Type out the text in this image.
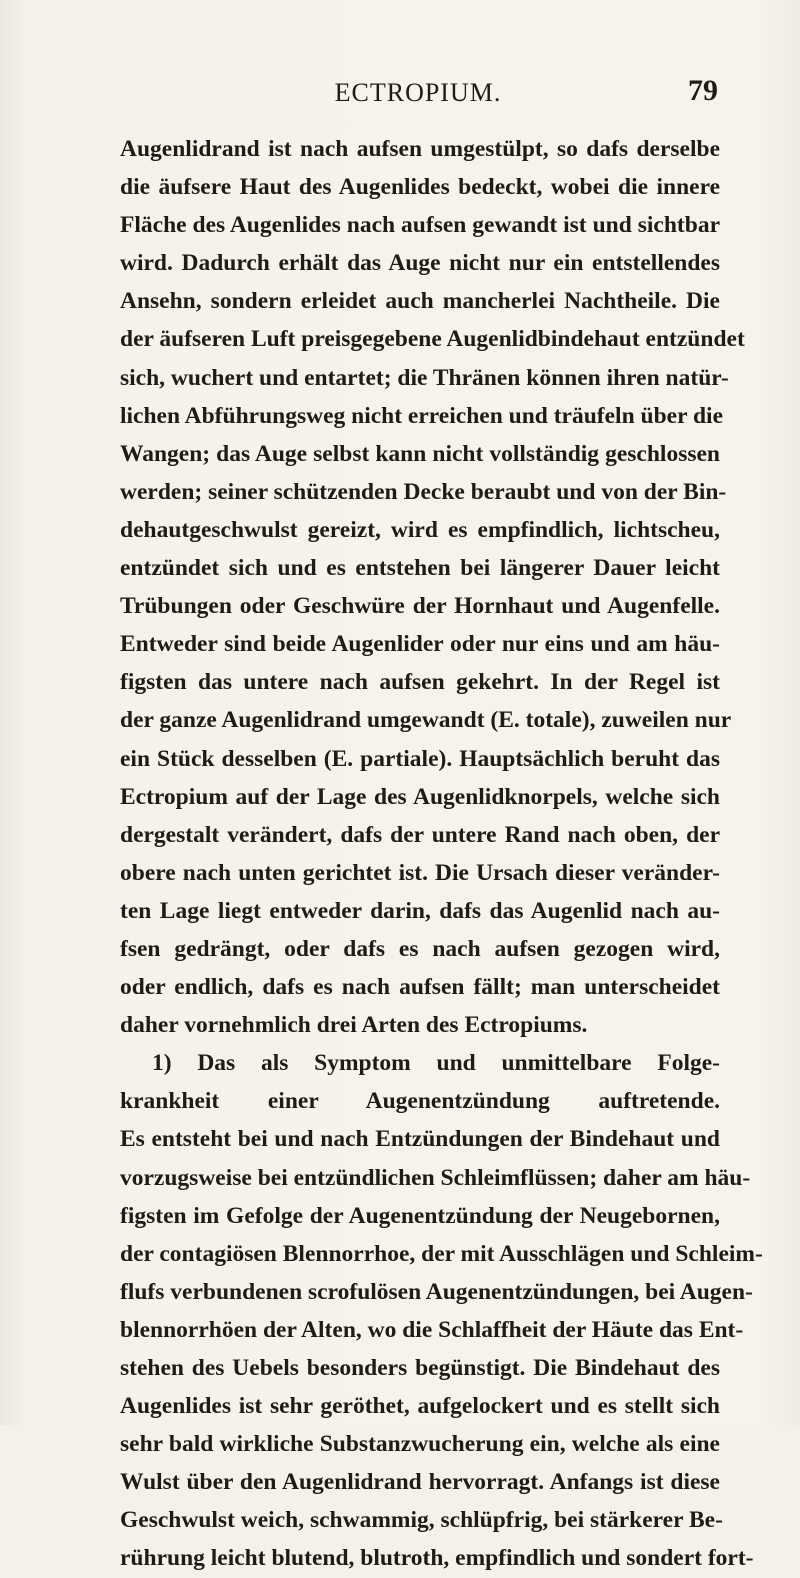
ECTROPIUM.	79
Augenlidrand ist nach aufsen umgestülpt, so dafs derselbe
die äufsere Haut des Augenlides bedeckt, wobei die innere
Fläche des Augenlides nach aufsen gewandt ist und sichtbar
wird. Dadurch erhält das Auge nicht nur ein entstellendes
Ansehn, sondern erleidet auch mancherlei Nachtheile. Die
der äufseren Luft preisgegebene Augenlidbindehaut entzündet
sich, wuchert und entartet; die Thränen können ihren natür-
lichen Abführungsweg nicht erreichen und träufeln über die
Wangen; das Auge selbst kann nicht vollständig geschlossen
werden; seiner schützenden Decke beraubt und von der Bin-
dehautgeschwulst gereizt, wird es empfindlich, lichtscheu,
entzündet sich und es entstehen bei längerer Dauer leicht
Trübungen oder Geschwüre der Hornhaut und Augenfelle.
Entweder sind beide Augenlider oder nur eins und am häu-
figsten das untere nach aufsen gekehrt. In der Regel ist
der ganze Augenlidrand umgewandt (E. totale), zuweilen nur
ein Stück desselben (E. partiale). Hauptsächlich beruht das
Ectropium auf der Lage des Augenlidknorpels, welche sich
dergestalt verändert, dafs der untere Rand nach oben, der
obere nach unten gerichtet ist. Die Ursach dieser veränder-
ten Lage liegt entweder darin, dafs das Augenlid nach au-
fsen gedrängt, oder dafs es nach aufsen gezogen wird,
oder endlich, dafs es nach aufsen fällt; man unterscheidet
daher vornehmlich drei Arten des Ectropiums.
1) Das als Symptom und unmittelbare Folge-
krankheit einer Augenentzündung auftretende.
Es entsteht bei und nach Entzündungen der Bindehaut und
vorzugsweise bei entzündlichen Schleimflüssen; daher am häu-
figsten im Gefolge der Augenentzündung der Neugebornen,
der contagiösen Blennorrhoe, der mit Ausschlägen und Schleim-
flufs verbundenen scrofulösen Augenentzündungen, bei Augen-
blennorrhöen der Alten, wo die Schlaffheit der Häute das Ent-
stehen des Uebels besonders begünstigt. Die Bindehaut des
Augenlides ist sehr geröthet, aufgelockert und es stellt sich
sehr bald wirkliche Substanzwucherung ein, welche als eine
Wulst über den Augenlidrand hervorragt. Anfangs ist diese
Geschwulst weich, schwammig, schlüpfrig, bei stärkerer Be-
rührung leicht blutend, blutroth, empfindlich und sondert fort-
